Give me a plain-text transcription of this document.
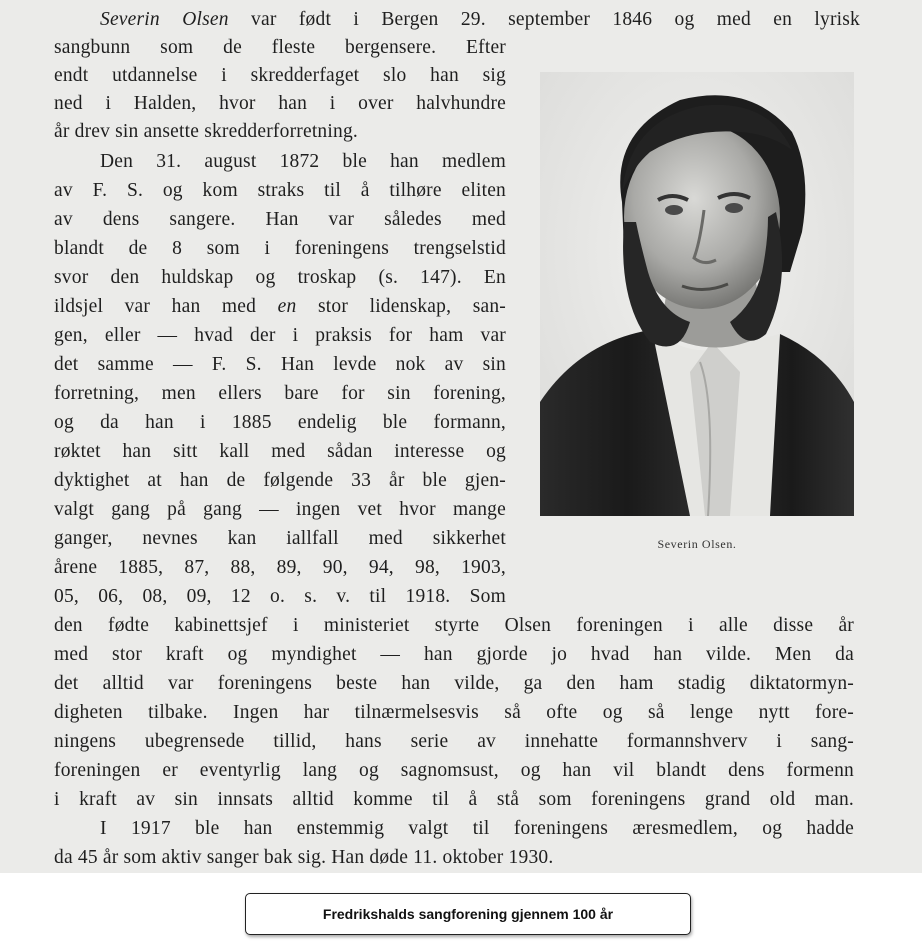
Severin Olsen var født i Bergen 29. september 1846 og med en lyrisk
sangbunn som de fleste bergensere. Efter
endt utdannelse i skredderfaget slo han sig
ned i Halden, hvor han i over halvhundre
år drev sin ansette skredderforretning.
Den 31. august 1872 ble han medlem
av F. S. og kom straks til å tilhøre eliten
av dens sangere. Han var således med
blandt de 8 som i foreningens trengselstid
svor den huldskap og troskap (s. 147). En
ildsjel var han med en stor lidenskap, san-
gen, eller — hvad der i praksis for ham var
det samme — F. S. Han levde nok av sin
forretning, men ellers bare for sin forening,
og da han i 1885 endelig ble formann,
røktet han sitt kall med sådan interesse og
dyktighet at han de følgende 33 år ble gjen-
valgt gang på gang — ingen vet hvor mange
ganger, nevnes kan iallfall med sikkerhet
årene 1885, 87, 88, 89, 90, 94, 98, 1903,
05, 06, 08, 09, 12 o. s. v. til 1918. Som
den fødte kabinettsjef i ministeriet styrte Olsen foreningen i alle disse år
med stor kraft og myndighet — han gjorde jo hvad han vilde. Men da
det alltid var foreningens beste han vilde, ga den ham stadig diktatormyn-
digheten tilbake. Ingen har tilnærmelsesvis så ofte og så lenge nytt fore-
ningens ubegrensede tillid, hans serie av innehatte formannshverv i sang-
foreningen er eventyrlig lang og sagnomsust, og han vil blandt dens formenn
i kraft av sin innsats alltid komme til å stå som foreningens grand old man.
I 1917 ble han enstemmig valgt til foreningens æresmedlem, og hadde
da 45 år som aktiv sanger bak sig. Han døde 11. oktober 1930.
Severin Olsen.
Fredrikshalds sangforening gjennem 100 år
